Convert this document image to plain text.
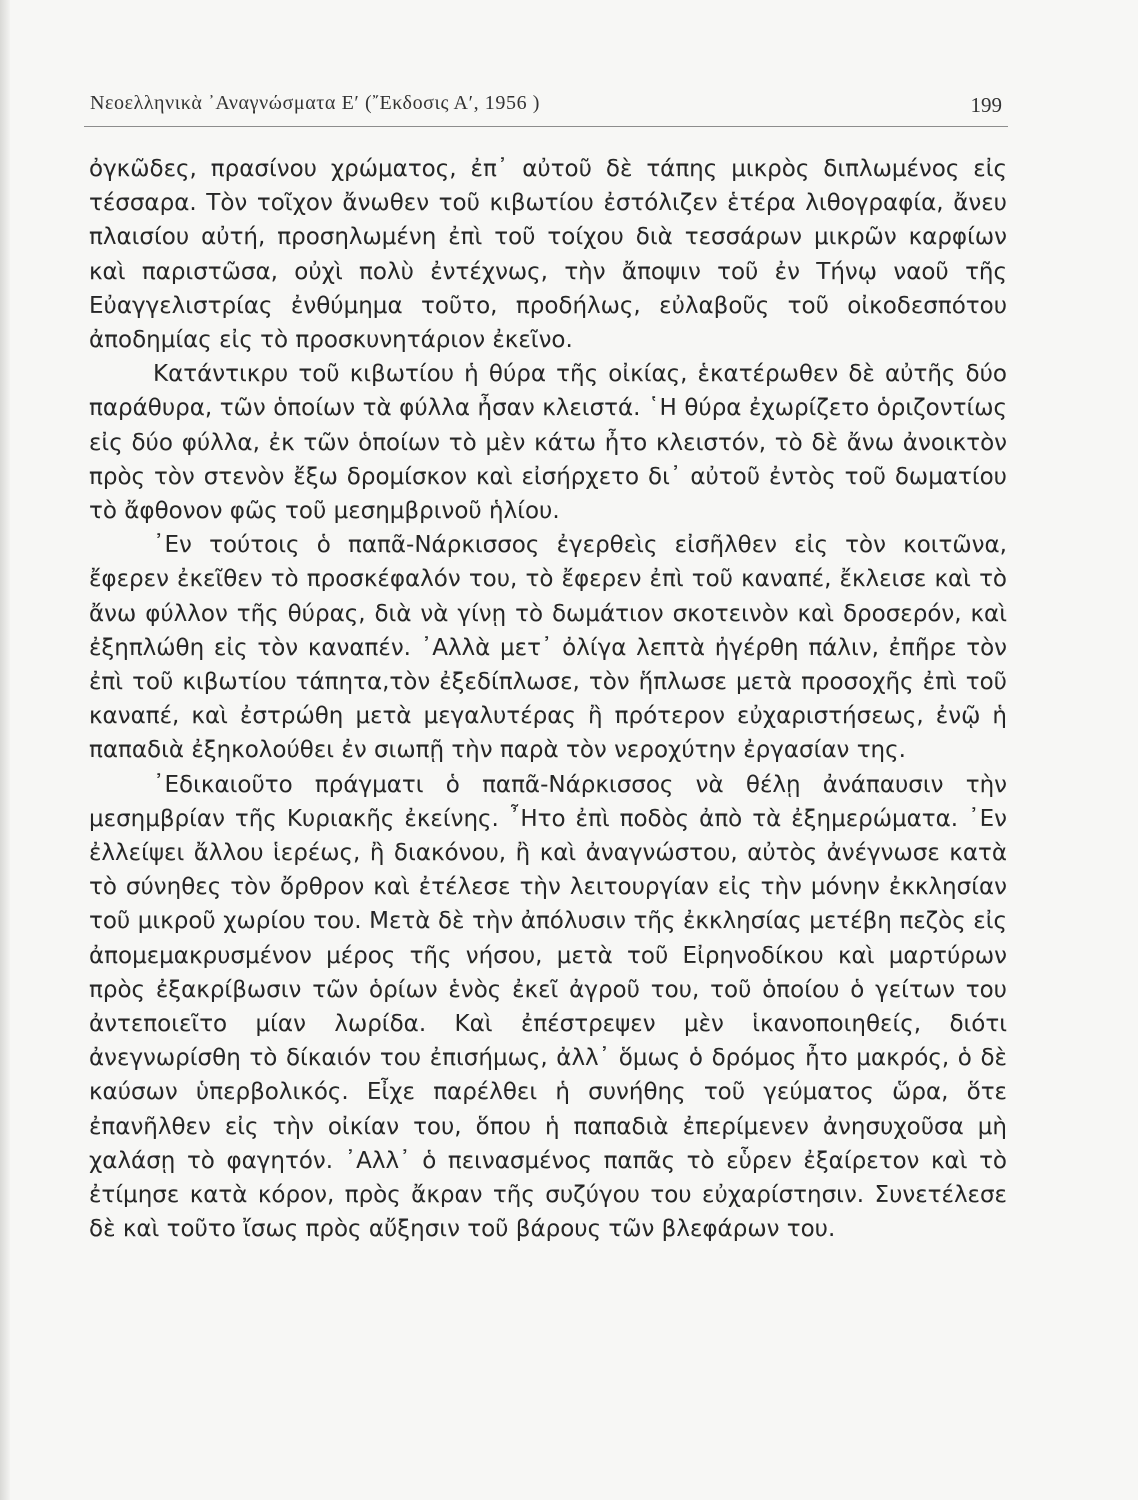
Νεοελληνικὰ ᾿Αναγνώσματα Ε′ (῎Εκδοσις Α′, 1956 )	199

ὀγκῶδες, πρασίνου χρώματος, ἐπ᾿ αὐτοῦ δὲ τάπης μικρὸς διπλωμένος εἰς τέσσαρα. Τὸν τοῖχον ἄνωθεν τοῦ κιβωτίου ἐστόλιζεν ἑτέρα λιθογραφία, ἄνευ πλαισίου αὐτή, προσηλωμένη ἐπὶ τοῦ τοίχου διὰ τεσσάρων μικρῶν καρφίων καὶ παριστῶσα, οὐχὶ πολὺ ἐντέχνως, τὴν ἄποψιν τοῦ ἐν Τήνῳ ναοῦ τῆς Εὐαγγελιστρίας ἐνθύμημα τοῦτο, προδήλως, εὐλαβοῦς τοῦ οἰκοδεσπότου ἀποδημίας εἰς τὸ προσκυνητάριον ἐκεῖνο.

Κατάντικρυ τοῦ κιβωτίου ἡ θύρα τῆς οἰκίας, ἑκατέρωθεν δὲ αὐτῆς δύο παράθυρα, τῶν ὁποίων τὰ φύλλα ἦσαν κλειστά. ῾Η θύρα ἐχωρίζετο ὁριζοντίως εἰς δύο φύλλα, ἐκ τῶν ὁποίων τὸ μὲν κάτω ἦτο κλειστόν, τὸ δὲ ἄνω ἀνοικτὸν πρὸς τὸν στενὸν ἔξω δρομίσκον καὶ εἰσήρχετο δι᾿ αὐτοῦ ἐντὸς τοῦ δωματίου τὸ ἄφθονον φῶς τοῦ μεσημβρινοῦ ἡλίου.

᾿Εν τούτοις ὁ παπᾶ-Νάρκισσος ἐγερθεὶς εἰσῆλθεν εἰς τὸν κοιτῶνα, ἔφερεν ἐκεῖθεν τὸ προσκέφαλόν του, τὸ ἔφερεν ἐπὶ τοῦ καναπέ, ἔκλεισε καὶ τὸ ἄνω φύλλον τῆς θύρας, διὰ νὰ γίνῃ τὸ δωμάτιον σκοτεινὸν καὶ δροσερόν, καὶ ἐξηπλώθη εἰς τὸν καναπέν. ᾿Αλλὰ μετ᾿ ὀλίγα λεπτὰ ἠγέρθη πάλιν, ἐπῆρε τὸν ἐπὶ τοῦ κιβωτίου τάπητα,τὸν ἐξεδίπλωσε, τὸν ἥπλωσε μετὰ προσοχῆς ἐπὶ τοῦ καναπέ, καὶ ἐστρώθη μετὰ μεγαλυτέρας ἢ πρότερον εὐχαριστήσεως, ἐνῷ ἡ παπαδιὰ ἐξηκολούθει ἐν σιωπῇ τὴν παρὰ τὸν νεροχύτην ἐργασίαν της.

᾿Εδικαιοῦτο πράγματι ὁ παπᾶ-Νάρκισσος νὰ θέλῃ ἀνάπαυσιν τὴν μεσημβρίαν τῆς Κυριακῆς ἐκείνης. ῏Ητο ἐπὶ ποδὸς ἀπὸ τὰ ἐξημερώματα. ᾿Εν ἐλλείψει ἄλλου ἱερέως, ἢ διακόνου, ἢ καὶ ἀναγνώστου, αὐτὸς ἀνέγνωσε κατὰ τὸ σύνηθες τὸν ὄρθρον καὶ ἐτέλεσε τὴν λειτουργίαν εἰς τὴν μόνην ἐκκλησίαν τοῦ μικροῦ χωρίου του. Μετὰ δὲ τὴν ἀπόλυσιν τῆς ἐκκλησίας μετέβη πεζὸς εἰς ἀπομεμακρυσμένον μέρος τῆς νήσου, μετὰ τοῦ Εἰρηνοδίκου καὶ μαρτύρων πρὸς ἐξακρίβωσιν τῶν ὁρίων ἑνὸς ἐκεῖ ἀγροῦ του, τοῦ ὁποίου ὁ γείτων του ἀντεποιεῖτο μίαν λωρίδα. Καὶ ἐπέστρεψεν μὲν ἱκανοποιηθείς, διότι ἀνεγνωρίσθη τὸ δίκαιόν του ἐπισήμως, ἀλλ᾿ ὅμως ὁ δρόμος ἦτο μακρός, ὁ δὲ καύσων ὑπερβολικός. Εἶχε παρέλθει ἡ συνήθης τοῦ γεύματος ὥρα, ὅτε ἐπανῆλθεν εἰς τὴν οἰκίαν του, ὅπου ἡ παπαδιὰ ἐπερίμενεν ἀνησυχοῦσα μὴ χαλάσῃ τὸ φαγητόν. ᾿Αλλ᾿ ὁ πεινασμένος παπᾶς τὸ εὗρεν ἐξαίρετον καὶ τὸ ἐτίμησε κατὰ κόρον, πρὸς ἄκραν τῆς συζύγου του εὐχαρίστησιν. Συνετέλεσε δὲ καὶ τοῦτο ἴσως πρὸς αὔξησιν τοῦ βάρους τῶν βλεφάρων του.
